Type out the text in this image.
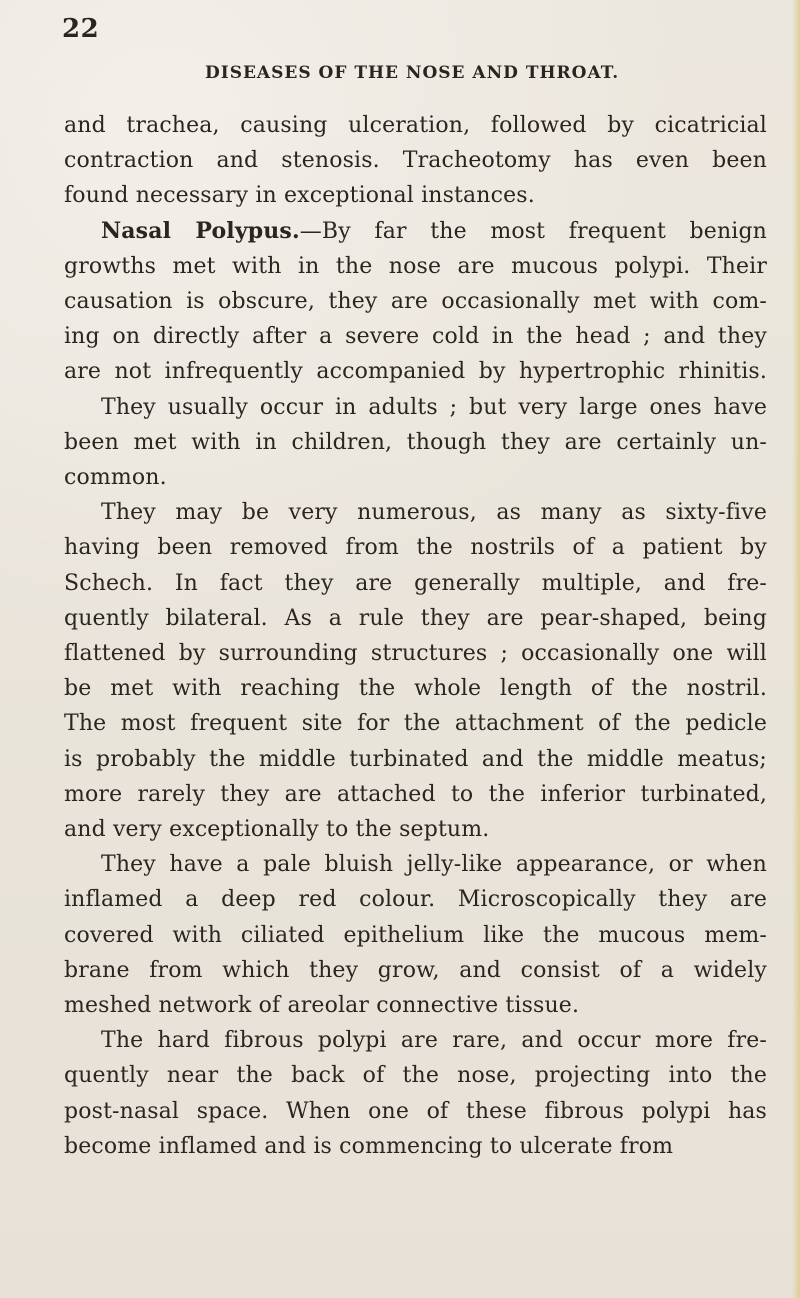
22
DISEASES OF THE NOSE AND THROAT.
and trachea, causing ulceration, followed by cicatricial
contraction and stenosis. Tracheotomy has even been
found necessary in exceptional instances.
Nasal Polypus.—By far the most frequent benign
growths met with in the nose are mucous polypi. Their
causation is obscure, they are occasionally met with com-
ing on directly after a severe cold in the head ; and they
are not infrequently accompanied by hypertrophic rhinitis.
They usually occur in adults ; but very large ones have
been met with in children, though they are certainly un-
common.
They may be very numerous, as many as sixty-five
having been removed from the nostrils of a patient by
Schech. In fact they are generally multiple, and fre-
quently bilateral. As a rule they are pear-shaped, being
flattened by surrounding structures ; occasionally one will
be met with reaching the whole length of the nostril.
The most frequent site for the attachment of the pedicle
is probably the middle turbinated and the middle meatus;
more rarely they are attached to the inferior turbinated,
and very exceptionally to the septum.
They have a pale bluish jelly-like appearance, or when
inflamed a deep red colour. Microscopically they are
covered with ciliated epithelium like the mucous mem-
brane from which they grow, and consist of a widely
meshed network of areolar connective tissue.
The hard fibrous polypi are rare, and occur more fre-
quently near the back of the nose, projecting into the
post-nasal space. When one of these fibrous polypi has
become inflamed and is commencing to ulcerate from
